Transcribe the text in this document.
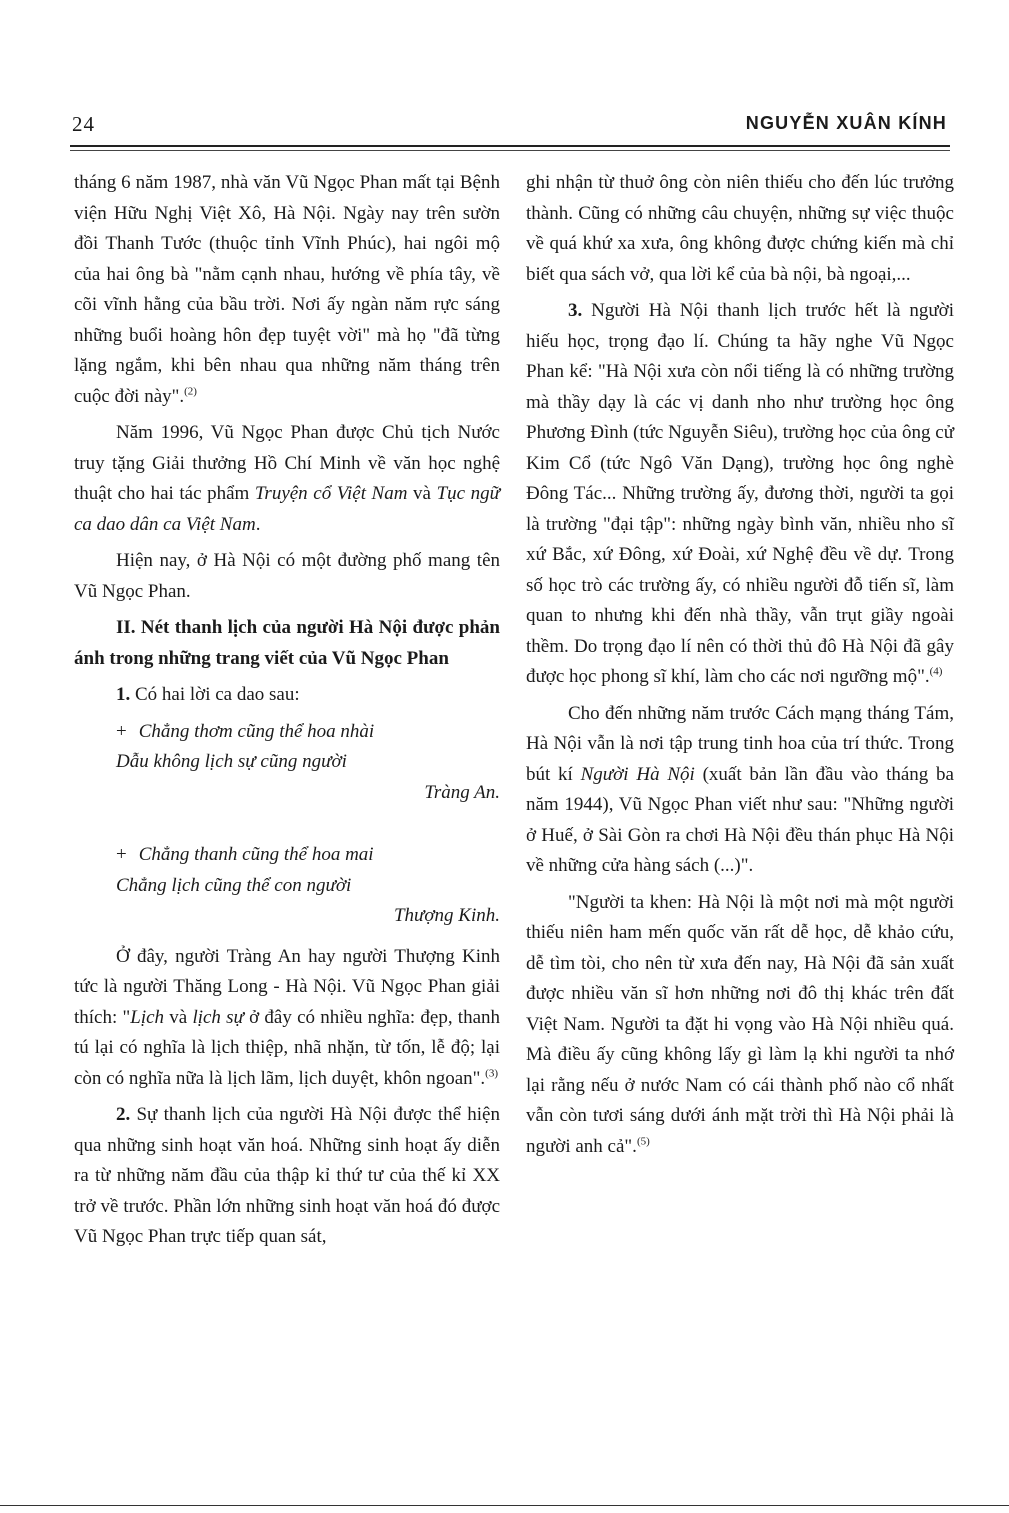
24	NGUYỄN XUÂN KÍNH

tháng 6 năm 1987, nhà văn Vũ Ngọc Phan mất tại Bệnh viện Hữu Nghị Việt Xô, Hà Nội. Ngày nay trên sườn đồi Thanh Tước (thuộc tỉnh Vĩnh Phúc), hai ngôi mộ của hai ông bà "nằm cạnh nhau, hướng về phía tây, về cõi vĩnh hằng của bầu trời. Nơi ấy ngàn năm rực sáng những buổi hoàng hôn đẹp tuyệt vời" mà họ "đã từng lặng ngắm, khi bên nhau qua những năm tháng trên cuộc đời này".$^{(2)}$

Năm 1996, Vũ Ngọc Phan được Chủ tịch Nước truy tặng Giải thưởng Hồ Chí Minh về văn học nghệ thuật cho hai tác phẩm Truyện cổ Việt Nam và Tục ngữ ca dao dân ca Việt Nam.

Hiện nay, ở Hà Nội có một đường phố mang tên Vũ Ngọc Phan.

II. Nét thanh lịch của người Hà Nội được phản ánh trong những trang viết của Vũ Ngọc Phan

1. Có hai lời ca dao sau:

+ Chẳng thơm cũng thể hoa nhài
Dẫu không lịch sự cũng người
Tràng An.
+ Chẳng thanh cũng thể hoa mai
Chẳng lịch cũng thể con người
Thượng Kinh.

Ở đây, người Tràng An hay người Thượng Kinh tức là người Thăng Long - Hà Nội. Vũ Ngọc Phan giải thích: "Lịch và lịch sự ở đây có nhiều nghĩa: đẹp, thanh tú lại có nghĩa là lịch thiệp, nhã nhặn, từ tốn, lễ độ; lại còn có nghĩa nữa là lịch lãm, lịch duyệt, khôn ngoan".$^{(3)}$

2. Sự thanh lịch của người Hà Nội được thể hiện qua những sinh hoạt văn hoá. Những sinh hoạt ấy diễn ra từ những năm đầu của thập kỉ thứ tư của thế kỉ XX trở về trước. Phần lớn những sinh hoạt văn hoá đó được Vũ Ngọc Phan trực tiếp quan sát,

ghi nhận từ thuở ông còn niên thiếu cho đến lúc trưởng thành. Cũng có những câu chuyện, những sự việc thuộc về quá khứ xa xưa, ông không được chứng kiến mà chỉ biết qua sách vở, qua lời kể của bà nội, bà ngoại,...

3. Người Hà Nội thanh lịch trước hết là người hiếu học, trọng đạo lí. Chúng ta hãy nghe Vũ Ngọc Phan kể: "Hà Nội xưa còn nổi tiếng là có những trường mà thầy dạy là các vị danh nho như trường học ông Phương Đình (tức Nguyễn Siêu), trường học của ông cử Kim Cổ (tức Ngô Văn Dạng), trường học ông nghè Đông Tác... Những trường ấy, đương thời, người ta gọi là trường "đại tập": những ngày bình văn, nhiều nho sĩ xứ Bắc, xứ Đông, xứ Đoài, xứ Nghệ đều về dự. Trong số học trò các trường ấy, có nhiều người đỗ tiến sĩ, làm quan to nhưng khi đến nhà thầy, vẫn trụt giầy ngoài thềm. Do trọng đạo lí nên có thời thủ đô Hà Nội đã gây được học phong sĩ khí, làm cho các nơi ngưỡng mộ".$^{(4)}$

Cho đến những năm trước Cách mạng tháng Tám, Hà Nội vẫn là nơi tập trung tinh hoa của trí thức. Trong bút kí Người Hà Nội (xuất bản lần đầu vào tháng ba năm 1944), Vũ Ngọc Phan viết như sau: "Những người ở Huế, ở Sài Gòn ra chơi Hà Nội đều thán phục Hà Nội về những cửa hàng sách (...)".

"Người ta khen: Hà Nội là một nơi mà một người thiếu niên ham mến quốc văn rất dễ học, dễ khảo cứu, dễ tìm tòi, cho nên từ xưa đến nay, Hà Nội đã sản xuất được nhiều văn sĩ hơn những nơi đô thị khác trên đất Việt Nam. Người ta đặt hi vọng vào Hà Nội nhiều quá. Mà điều ấy cũng không lấy gì làm lạ khi người ta nhớ lại rằng nếu ở nước Nam có cái thành phố nào cổ nhất vẫn còn tươi sáng dưới ánh mặt trời thì Hà Nội phải là người anh cả".$^{(5)}$
